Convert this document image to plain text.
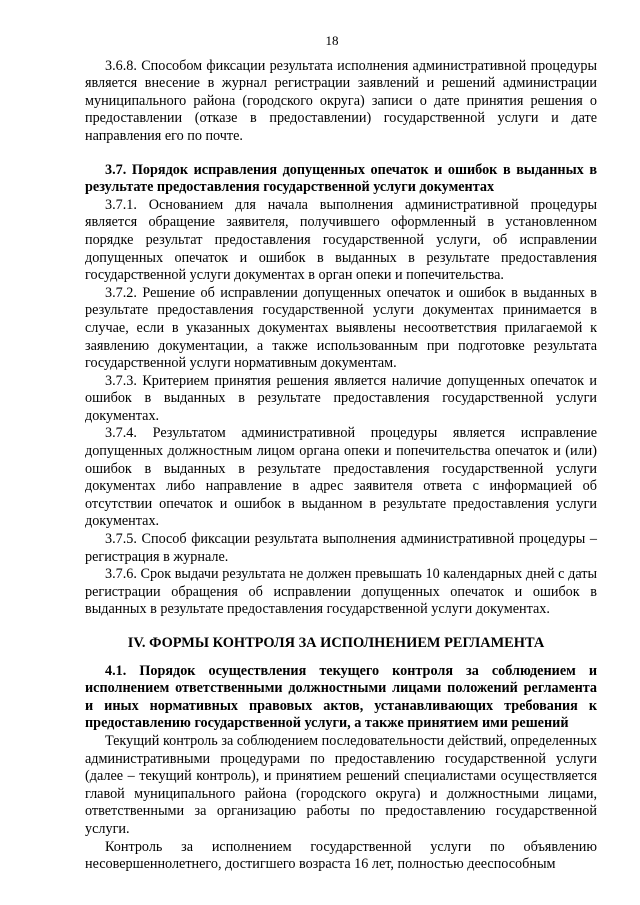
18

3.6.8. Способом фиксации результата исполнения административной процедуры является внесение в журнал регистрации заявлений и решений администрации муниципального района (городского округа) записи о дате принятия решения о предоставлении (отказе в предоставлении) государственной услуги и дате направления его по почте.

3.7. Порядок исправления допущенных опечаток и ошибок в выданных в результате предоставления государственной услуги документах

3.7.1. Основанием для начала выполнения административной процедуры является обращение заявителя, получившего оформленный в установленном порядке результат предоставления государственной услуги, об исправлении допущенных опечаток и ошибок в выданных в результате предоставления государственной услуги документах в орган опеки и попечительства.

3.7.2. Решение об исправлении допущенных опечаток и ошибок в выданных в результате предоставления государственной услуги документах принимается в случае, если в указанных документах выявлены несоответствия прилагаемой к заявлению документации, а также использованным при подготовке результата государственной услуги нормативным документам.

3.7.3. Критерием принятия решения является наличие допущенных опечаток и ошибок в выданных в результате предоставления государственной услуги документах.

3.7.4. Результатом административной процедуры является исправление допущенных должностным лицом органа опеки и попечительства опечаток и (или) ошибок в выданных в результате предоставления государственной услуги документах либо направление в адрес заявителя ответа с информацией об отсутствии опечаток и ошибок в выданном в результате предоставления услуги документах.

3.7.5. Способ фиксации результата выполнения административной процедуры – регистрация в журнале.

3.7.6. Срок выдачи результата не должен превышать 10 календарных дней с даты регистрации обращения об исправлении допущенных опечаток и ошибок в выданных в результате предоставления государственной услуги документах.

IV. ФОРМЫ КОНТРОЛЯ ЗА ИСПОЛНЕНИЕМ РЕГЛАМЕНТА

4.1. Порядок осуществления текущего контроля за соблюдением и исполнением ответственными должностными лицами положений регламента и иных нормативных правовых актов, устанавливающих требования к предоставлению государственной услуги, а также принятием ими решений

Текущий контроль за соблюдением последовательности действий, определенных административными процедурами по предоставлению государственной услуги (далее – текущий контроль), и принятием решений специалистами осуществляется главой муниципального района (городского округа) и должностными лицами, ответственными за организацию работы по предоставлению государственной услуги.

Контроль за исполнением государственной услуги по объявлению несовершеннолетнего, достигшего возраста 16 лет, полностью дееспособным
